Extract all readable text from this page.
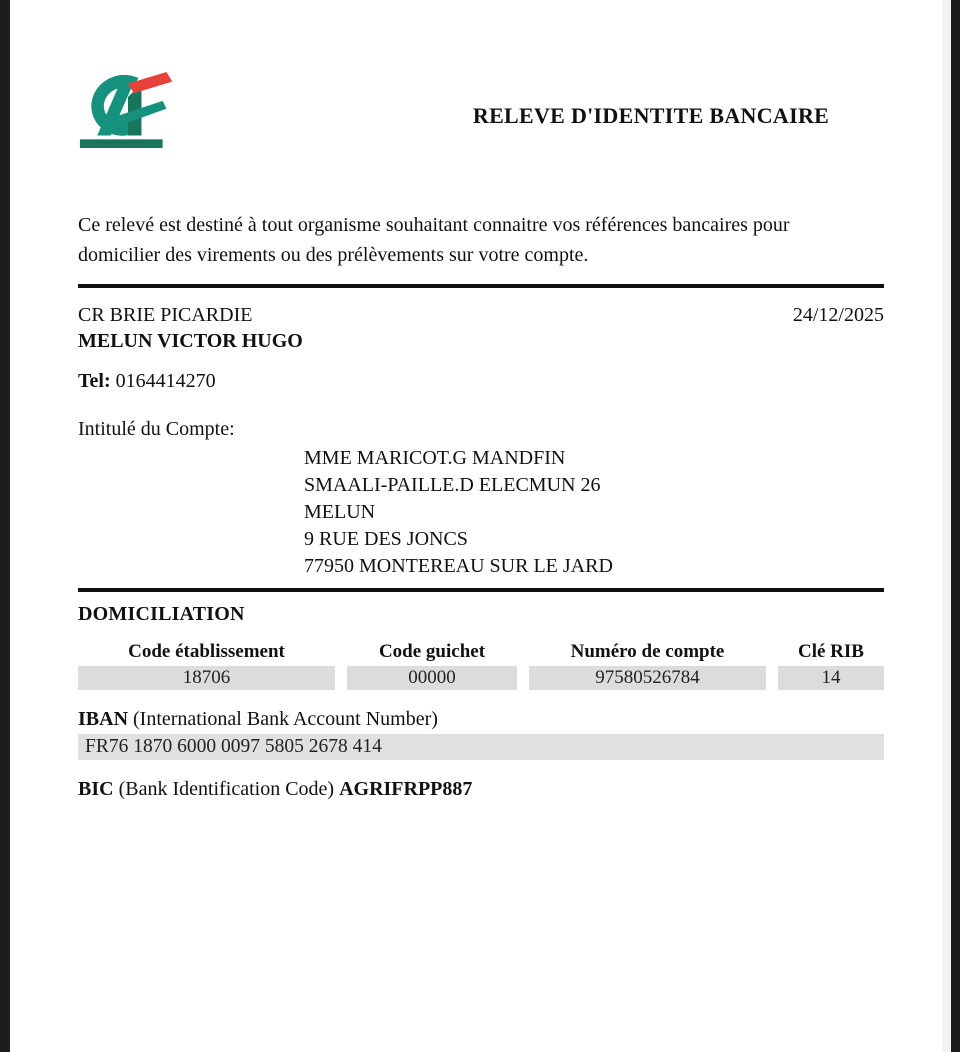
RELEVE D'IDENTITE BANCAIRE
Ce relevé est destiné à tout organisme souhaitant connaitre vos références bancaires pour
domicilier des virements ou des prélèvements sur votre compte.
CR BRIE PICARDIE	24/12/2025
MELUN VICTOR HUGO
Tel: 0164414270
Intitulé du Compte:
MME MARICOT.G MANDFIN
SMAALI-PAILLE.D ELECMUN 26
MELUN
9 RUE DES JONCS
77950 MONTEREAU SUR LE JARD
DOMICILIATION
Code établissement	Code guichet	Numéro de compte	Clé RIB
18706	00000	97580526784	14
IBAN (International Bank Account Number)
FR76 1870 6000 0097 5805 2678 414
BIC (Bank Identification Code) AGRIFRPP887
